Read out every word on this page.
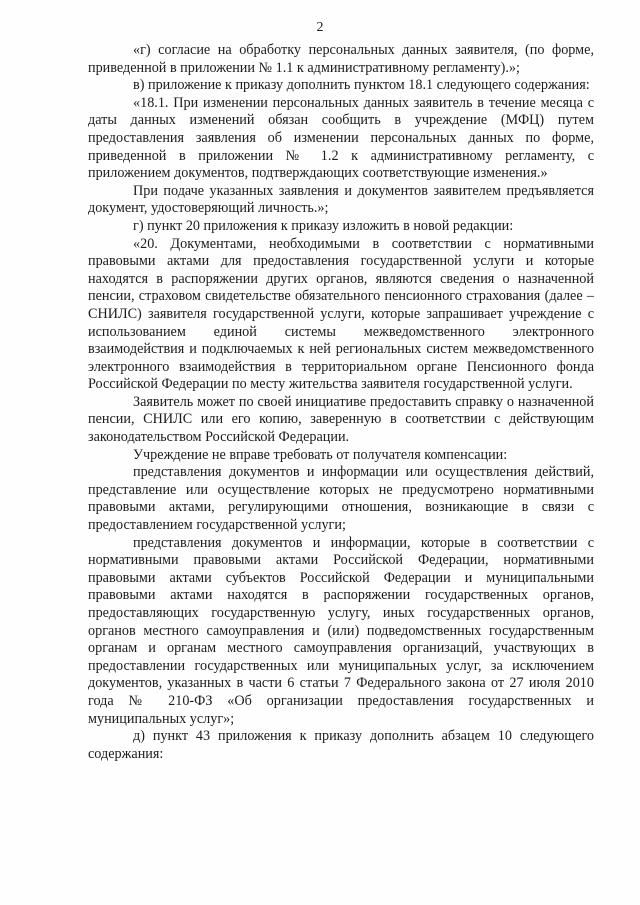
2

«г) согласие на обработку персональных данных заявителя, (по форме, приведенной в приложении № 1.1 к административному регламенту).»;

в) приложение к приказу дополнить пунктом 18.1 следующего содержания:

«18.1. При изменении персональных данных заявитель в течение месяца с даты данных изменений обязан сообщить в учреждение (МФЦ) путем предоставления заявления об изменении персональных данных по форме, приведенной в приложении № 1.2 к административному регламенту, с приложением документов, подтверждающих соответствующие изменения.»

При подаче указанных заявления и документов заявителем предъявляется документ, удостоверяющий личность.»;

г) пункт 20 приложения к приказу изложить в новой редакции:

«20. Документами, необходимыми в соответствии с нормативными правовыми актами для предоставления государственной услуги и которые находятся в распоряжении других органов, являются сведения о назначенной пенсии, страховом свидетельстве обязательного пенсионного страхования (далее – СНИЛС) заявителя государственной услуги, которые запрашивает учреждение с использованием единой системы межведомственного электронного взаимодействия и подключаемых к ней региональных систем межведомственного электронного взаимодействия в территориальном органе Пенсионного фонда Российской Федерации по месту жительства заявителя государственной услуги.

Заявитель может по своей инициативе предоставить справку о назначенной пенсии, СНИЛС или его копию, заверенную в соответствии с действующим законодательством Российской Федерации.

Учреждение не вправе требовать от получателя компенсации:

представления документов и информации или осуществления действий, представление или осуществление которых не предусмотрено нормативными правовыми актами, регулирующими отношения, возникающие в связи с предоставлением государственной услуги;

представления документов и информации, которые в соответствии с нормативными правовыми актами Российской Федерации, нормативными правовыми актами субъектов Российской Федерации и муниципальными правовыми актами находятся в распоряжении государственных органов, предоставляющих государственную услугу, иных государственных органов, органов местного самоуправления и (или) подведомственных государственным органам и органам местного самоуправления организаций, участвующих в предоставлении государственных или муниципальных услуг, за исключением документов, указанных в части 6 статьи 7 Федерального закона от 27 июля 2010 года № 210-ФЗ «Об организации предоставления государственных и муниципальных услуг»;

д) пункт 43 приложения к приказу дополнить абзацем 10 следующего содержания:
